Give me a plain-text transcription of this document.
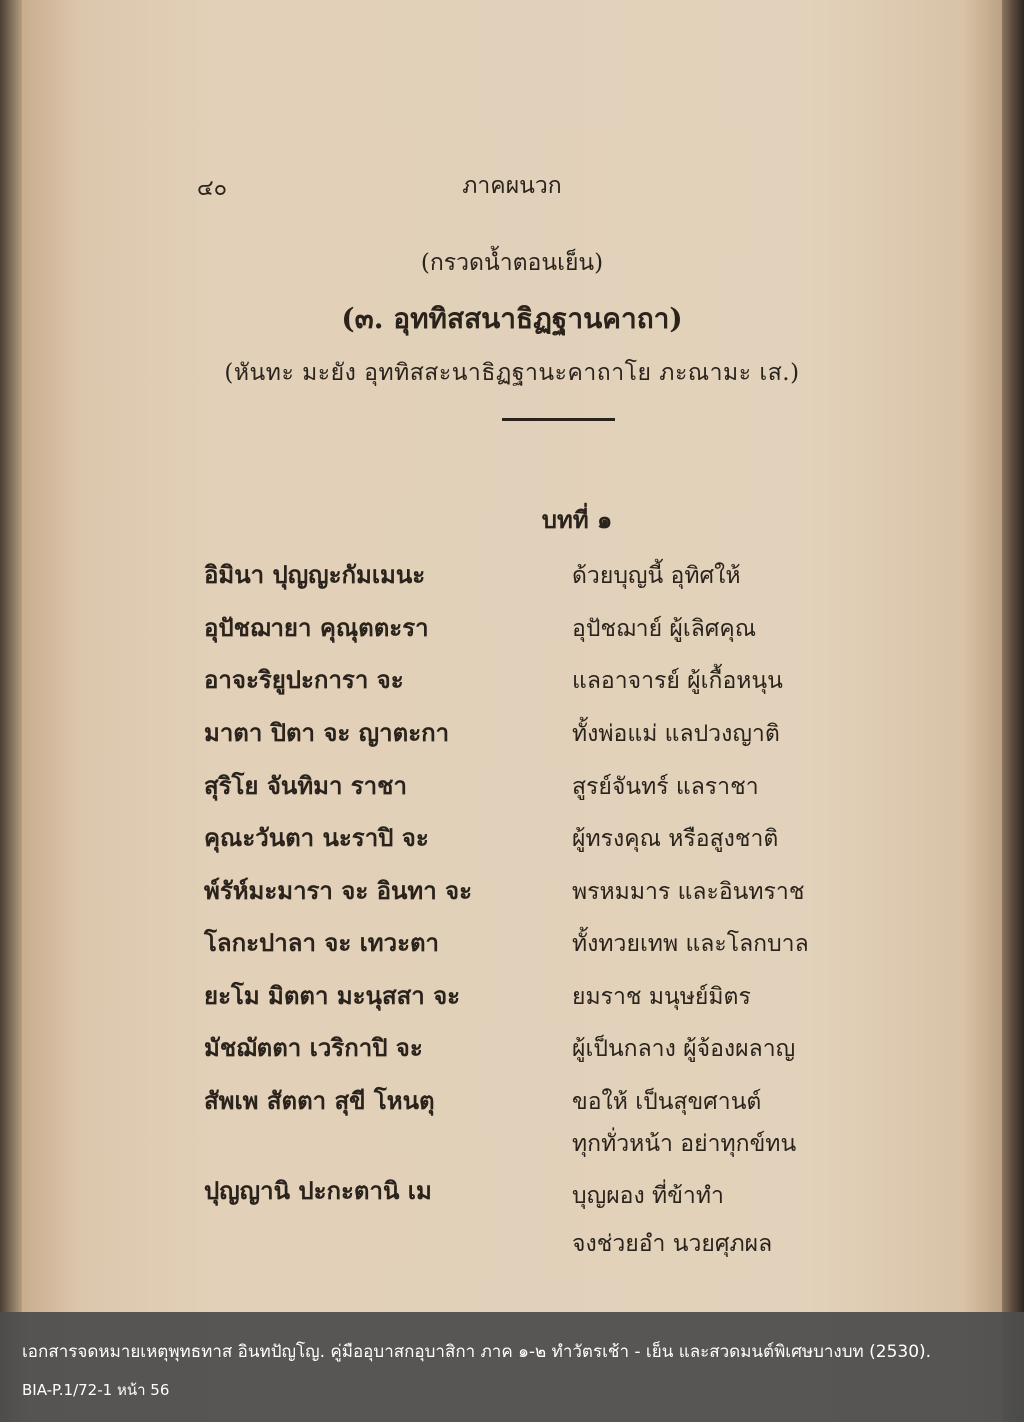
๔๐	ภาคผนวก
(กรวดน้ำตอนเย็น)
(๓. อุททิสสนาธิฏฐานคาถา)
(หันทะ มะยัง อุททิสสะนาธิฏฐานะคาถาโย ภะณามะ เส.)
บทที่ ๑
อิมินา ปุญญะกัมเมนะ
อุปัชฌายา คุณุตตะรา
อาจะริยูปะการา จะ
มาตา ปิตา จะ ญาตะกา
สุริโย จันทิมา ราชา
คุณะวันตา นะราปิ จะ
พ์รัห์มะมารา จะ อินทา จะ
โลกะปาลา จะ เทวะตา
ยะโม มิตตา มะนุสสา จะ
มัชฌัตตา เวริกาปิ จะ
สัพเพ สัตตา สุขี โหนตุ
ปุญญานิ ปะกะตานิ เม
ด้วยบุญนี้ อุทิศให้
อุปัชฌาย์ ผู้เลิศคุณ
แลอาจารย์ ผู้เกื้อหนุน
ทั้งพ่อแม่ แลปวงญาติ
สูรย์จันทร์ แลราชา
ผู้ทรงคุณ หรือสูงชาติ
พรหมมาร และอินทราช
ทั้งทวยเทพ และโลกบาล
ยมราช มนุษย์มิตร
ผู้เป็นกลาง ผู้จ้องผลาญ
ขอให้ เป็นสุขศานต์
ทุกทั่วหน้า อย่าทุกข์ทน
บุญผอง ที่ข้าทำ
จงช่วยอำ นวยศุภผล
เอกสารจดหมายเหตุพุทธทาส อินทปัญโญ. คู่มืออุบาสกอุบาสิกา ภาค ๑-๒ ทำวัตรเช้า - เย็น และสวดมนต์พิเศษบางบท (2530).
BIA-P.1/72-1 หน้า 56
